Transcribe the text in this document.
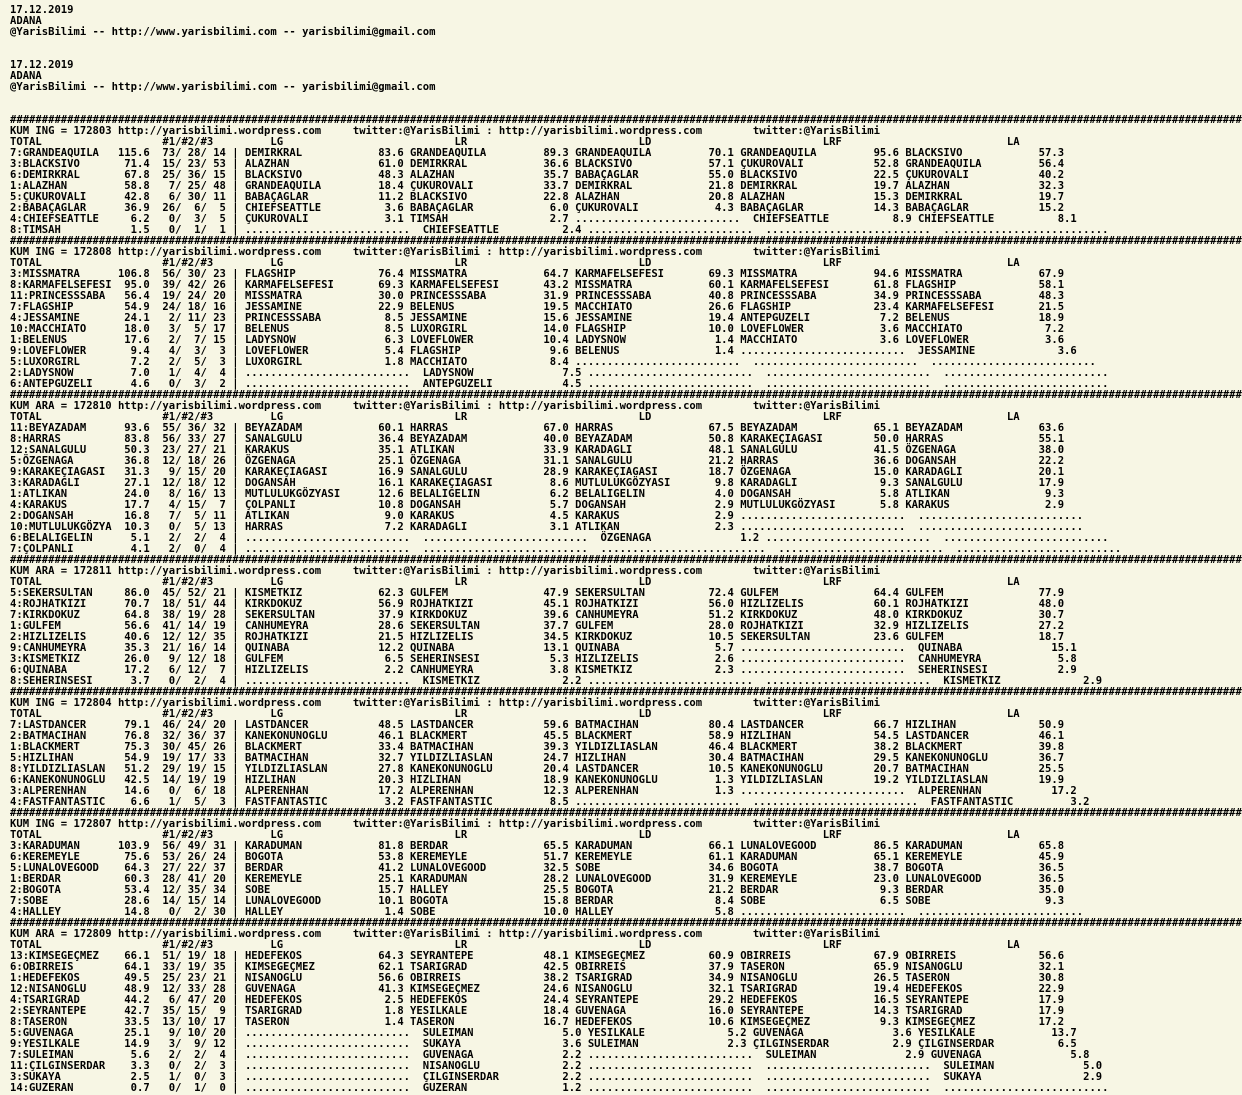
17.12.2019
ADANA
@YarisBilimi -- http://www.yarisbilimi.com -- yarisbilimi@gmail.com

17.12.2019
ADANA
@YarisBilimi -- http://www.yarisbilimi.com -- yarisbilimi@gmail.com

##################################################################################################################################################################################################
KUM ING = 172803 http://yarisbilimi.wordpress.com     twitter:@YarisBilimi : http://yarisbilimi.wordpress.com        twitter:@YarisBilimi
TOTAL                   #1/#2/#3         LG                           LR                           LD                           LRF                          LA
7:GRANDEAQUILA   115.6  73/ 28/ 14 | DEMIRKRAL            83.6 GRANDEAQUILA         89.3 GRANDEAQUILA         70.1 GRANDEAQUILA         95.6 BLACKSIVO            57.3
3:BLACKSIVO       71.4  15/ 23/ 53 | ALAZHAN              61.0 DEMIRKRAL            36.6 BLACKSIVO            57.1 ÇUKUROVALI           52.8 GRANDEAQUILA         56.4
6:DEMIRKRAL       67.8  25/ 36/ 15 | BLACKSIVO            48.3 ALAZHAN              35.7 BABAÇAGLAR           55.0 BLACKSIVO            22.5 ÇUKUROVALI           40.2
1:ALAZHAN         58.8   7/ 25/ 48 | GRANDEAQUILA         18.4 ÇUKUROVALI           33.7 DEMIRKRAL            21.8 DEMIRKRAL            19.7 ALAZHAN              32.3
5:ÇUKUROVALI      42.8   6/ 30/ 11 | BABAÇAGLAR           11.2 BLACKSIVO            22.8 ALAZHAN              20.8 ALAZHAN              15.3 DEMIRKRAL            19.7
2:BABAÇAGLAR      36.9  26/  6/  5 | CHIEFSEATTLE          3.6 BABAÇAGLAR            6.0 ÇUKUROVALI            4.3 BABAÇAGLAR           14.3 BABAÇAGLAR           15.2
4:CHIEFSEATTLE     6.2   0/  3/  5 | ÇUKUROVALI            3.1 TIMSAH                2.7 ..........................  CHIEFSEATTLE          8.9 CHIEFSEATTLE          8.1
8:TIMSAH           1.5   0/  1/  1 | ..........................  CHIEFSEATTLE          2.4 ..........................  ..........................  ..........................
##################################################################################################################################################################################################
KUM ING = 172808 http://yarisbilimi.wordpress.com     twitter:@YarisBilimi : http://yarisbilimi.wordpress.com        twitter:@YarisBilimi
TOTAL                   #1/#2/#3         LG                           LR                           LD                           LRF                          LA
3:MISSMATRA      106.8  56/ 30/ 23 | FLAGSHIP             76.4 MISSMATRA            64.7 KARMAFELSEFESI       69.3 MISSMATRA            94.6 MISSMATRA            67.9
8:KARMAFELSEFESI  95.0  39/ 42/ 26 | KARMAFELSEFESI       69.3 KARMAFELSEFESI       43.2 MISSMATRA            60.1 KARMAFELSEFESI       61.8 FLAGSHIP             58.1
11:PRINCESSSABA   56.4  19/ 24/ 20 | MISSMATRA            30.0 PRINCESSSABA         31.9 PRINCESSSABA         40.8 PRINCESSSABA         34.9 PRINCESSSABA         48.3
7:FLAGSHIP        54.9  24/ 18/ 16 | JESSAMINE            22.9 BELENUS              19.5 MACCHIATO            26.6 FLAGSHIP             23.4 KARMAFELSEFESI       21.5
4:JESSAMINE       24.1   2/ 11/ 23 | PRINCESSSABA          8.5 JESSAMINE            15.6 JESSAMINE            19.4 ANTEPGUZELI           7.2 BELENUS              18.9
10:MACCHIATO      18.0   3/  5/ 17 | BELENUS               8.5 LUXORGIRL            14.0 FLAGSHIP             10.0 LOVEFLOWER            3.6 MACCHIATO             7.2
1:BELENUS         17.6   2/  7/ 15 | LADYSNOW              6.3 LOVEFLOWER           10.4 LADYSNOW              1.4 MACCHIATO             3.6 LOVEFLOWER            3.6
9:LOVEFLOWER       9.4   4/  3/  3 | LOVEFLOWER            5.4 FLAGSHIP              9.6 BELENUS               1.4 ..........................  JESSAMINE             3.6
5:LUXORGIRL        7.2   2/  5/  3 | LUXORGIRL             1.8 MACCHIATO             8.4 ..........................  ..........................  ..........................
2:LADYSNOW         7.0   1/  4/  4 | ..........................  LADYSNOW              7.5 ..........................  ..........................  ..........................
6:ANTEPGUZELI      4.6   0/  3/  2 | ..........................  ANTEPGUZELI           4.5 ..........................  ..........................  ..........................
##################################################################################################################################################################################################
KUM ARA = 172810 http://yarisbilimi.wordpress.com     twitter:@YarisBilimi : http://yarisbilimi.wordpress.com        twitter:@YarisBilimi
TOTAL                   #1/#2/#3         LG                           LR                           LD                           LRF                          LA
11:BEYAZADAM      93.6  55/ 36/ 32 | BEYAZADAM            60.1 HARRAS               67.0 HARRAS               67.5 BEYAZADAM            65.1 BEYAZADAM            63.6
8:HARRAS          83.8  56/ 33/ 27 | SANALGULU            36.4 BEYAZADAM            40.0 BEYAZADAM            50.8 KARAKEÇIAGASI        50.0 HARRAS               55.1
12:SANALGULU      50.3  23/ 27/ 21 | KARAKUS              35.1 ATLIKAN              33.9 KARADAGLI            48.1 SANALGULU            41.5 ÖZGENAGA             38.0
5:ÖZGENAGA        36.8  12/ 18/ 26 | ÖZGENAGA             25.1 ÖZGENAGA             31.1 SANALGULU            21.2 HARRAS               36.6 DOGANSAH             22.2
9:KARAKEÇIAGASI   31.3   9/ 15/ 20 | KARAKEÇIAGASI        16.9 SANALGULU            28.9 KARAKEÇIAGASI        18.7 ÖZGENAGA             15.0 KARADAGLI            20.1
3:KARADAGLI       27.1  12/ 18/ 12 | DOGANSAH             16.1 KARAKEÇIAGASI         8.6 MUTLULUKGÖZYASI       9.8 KARADAGLI             9.3 SANALGULU            17.9
1:ATLIKAN         24.0   8/ 16/ 13 | MUTLULUKGÖZYASI      12.6 BELALIGELIN           6.2 BELALIGELIN           4.0 DOGANSAH              5.8 ATLIKAN               9.3
4:KARAKUS         17.7   4/ 15/  7 | ÇOLPANLI             10.8 DOGANSAH              5.7 DOGANSAH              2.9 MUTLULUKGÖZYASI       5.8 KARAKUS               2.9
2:DOGANSAH        16.8   7/  5/ 11 | ATLIKAN               9.0 KARAKUS               4.5 KARAKUS               2.9 ..........................  ..........................
10:MUTLULUKGÖZYA  10.3   0/  5/ 13 | HARRAS                7.2 KARADAGLI             3.1 ATLIKAN               2.3 ..........................  ..........................
6:BELALIGELIN      5.1   2/  2/  4 | ..........................  ..........................  ÖZGENAGA              1.2 ..........................  ..........................
7:ÇOLPANLI         4.1   2/  0/  4 | ..........................  ..........................  ..........................  ..........................  ..........................
##################################################################################################################################################################################################
KUM ARA = 172811 http://yarisbilimi.wordpress.com     twitter:@YarisBilimi : http://yarisbilimi.wordpress.com        twitter:@YarisBilimi
TOTAL                   #1/#2/#3         LG                           LR                           LD                           LRF                          LA
5:SEKERSULTAN     86.0  45/ 52/ 21 | KISMETKIZ            62.3 GULFEM               47.9 SEKERSULTAN          72.4 GULFEM               64.4 GULFEM               77.9
4:ROJHATKIZI      70.7  18/ 51/ 44 | KIRKDOKUZ            56.9 ROJHATKIZI           45.1 ROJHATKIZI           56.0 HIZLIZELIS           60.1 ROJHATKIZI           48.0
7:KIRKDOKUZ       64.8  38/ 19/ 28 | SEKERSULTAN          37.9 KIRKDOKUZ            39.6 CANHUMEYRA           51.2 KIRKDOKUZ            48.0 KIRKDOKUZ            30.7
1:GULFEM          56.6  41/ 14/ 19 | CANHUMEYRA           28.6 SEKERSULTAN          37.7 GULFEM               28.0 ROJHATKIZI           32.9 HIZLIZELIS           27.2
2:HIZLIZELIS      40.6  12/ 12/ 35 | ROJHATKIZI           21.5 HIZLIZELIS           34.5 KIRKDOKUZ            10.5 SEKERSULTAN          23.6 GULFEM               18.7
9:CANHUMEYRA      35.3  21/ 16/ 14 | QUINABA              12.2 QUINABA              13.1 QUINABA               5.7 ..........................  QUINABA              15.1
3:KISMETKIZ       26.0   9/ 12/ 18 | GULFEM                6.5 SEHERINSESI           5.3 HIZLIZELIS            2.6 ..........................  CANHUMEYRA            5.8
6:QUINABA         17.2   6/ 12/  7 | HIZLIZELIS            2.2 CANHUMEYRA            3.8 KISMETKIZ             2.3 ..........................  SEHERINSESI           2.9
8:SEHERINSESI      3.7   0/  2/  4 | ..........................  KISMETKIZ             2.2 ..........................  ..........................  KISMETKIZ             2.9
##################################################################################################################################################################################################
KUM ING = 172804 http://yarisbilimi.wordpress.com     twitter:@YarisBilimi : http://yarisbilimi.wordpress.com        twitter:@YarisBilimi
TOTAL                   #1/#2/#3         LG                           LR                           LD                           LRF                          LA
7:LASTDANCER      79.1  46/ 24/ 20 | LASTDANCER           48.5 LASTDANCER           59.6 BATMACIHAN           80.4 LASTDANCER           66.7 HIZLIHAN             50.9
2:BATMACIHAN      76.8  32/ 36/ 37 | KANEKONUNOGLU        46.1 BLACKMERT            45.5 BLACKMERT            58.9 HIZLIHAN             54.5 LASTDANCER           46.1
1:BLACKMERT       75.3  30/ 45/ 26 | BLACKMERT            33.4 BATMACIHAN           39.3 YILDIZLIASLAN        46.4 BLACKMERT            38.2 BLACKMERT            39.8
5:HIZLIHAN        54.9  19/ 17/ 33 | BATMACIHAN           32.7 YILDIZLIASLAN        24.7 HIZLIHAN             30.4 BATMACIHAN           29.5 KANEKONUNOGLU        36.7
8:YILDIZLIASLAN   51.2  29/ 19/ 15 | YILDIZLIASLAN        27.8 KANEKONUNOGLU        20.4 LASTDANCER           10.5 KANEKONUNOGLU        20.7 BATMACIHAN           25.5
6:KANEKONUNOGLU   42.5  14/ 19/ 19 | HIZLIHAN             20.3 HIZLIHAN             18.9 KANEKONUNOGLU         1.3 YILDIZLIASLAN        19.2 YILDIZLIASLAN        19.9
3:ALPERENHAN      14.6   0/  6/ 18 | ALPERENHAN           17.2 ALPERENHAN           12.3 ALPERENHAN            1.3 ..........................  ALPERENHAN           17.2
4:FASTFANTASTIC    6.6   1/  5/  3 | FASTFANTASTIC         3.2 FASTFANTASTIC         8.5 ..........................  ..........................  FASTFANTASTIC         3.2
##################################################################################################################################################################################################
KUM ING = 172807 http://yarisbilimi.wordpress.com     twitter:@YarisBilimi : http://yarisbilimi.wordpress.com        twitter:@YarisBilimi
TOTAL                   #1/#2/#3         LG                           LR                           LD                           LRF                          LA
3:KARADUMAN      103.9  56/ 49/ 31 | KARADUMAN            81.8 BERDAR               65.5 KARADUMAN            66.1 LUNALOVEGOOD         86.5 KARADUMAN            65.8
6:KEREMEYLE       75.6  53/ 26/ 24 | BOGOTA               53.8 KEREMEYLE            51.7 KEREMEYLE            61.1 KARADUMAN            65.1 KEREMEYLE            45.9
5:LUNALOVEGOOD    64.3  27/ 22/ 37 | BERDAR               41.2 LUNALOVEGOOD         32.5 SOBE                 34.6 BOGOTA               38.7 BOGOTA               36.5
1:BERDAR          60.3  28/ 41/ 20 | KEREMEYLE            25.1 KARADUMAN            28.2 LUNALOVEGOOD         31.9 KEREMEYLE            23.0 LUNALOVEGOOD         36.5
2:BOGOTA          53.4  12/ 35/ 34 | SOBE                 15.7 HALLEY               25.5 BOGOTA               21.2 BERDAR                9.3 BERDAR               35.0
7:SOBE            28.6  14/ 15/ 14 | LUNALOVEGOOD         10.1 BOGOTA               15.8 BERDAR                8.4 SOBE                  6.5 SOBE                  9.3
4:HALLEY          14.8   0/  2/ 30 | HALLEY                1.4 SOBE                 10.0 HALLEY                5.8 ..........................  ..........................
##################################################################################################################################################################################################
KUM ARA = 172809 http://yarisbilimi.wordpress.com     twitter:@YarisBilimi : http://yarisbilimi.wordpress.com        twitter:@YarisBilimi
TOTAL                   #1/#2/#3         LG                           LR                           LD                           LRF                          LA
13:KIMSEGEÇMEZ    66.1  51/ 19/ 18 | HEDEFEKOS            64.3 SEYRANTEPE           48.1 KIMSEGEÇMEZ          60.9 OBIRREIS             67.9 OBIRREIS             56.6
6:OBIRREIS        64.1  33/ 19/ 35 | KIMSEGEÇMEZ          62.1 TSARIGRAD            42.5 OBIRREIS             37.9 TASERON              65.9 NISANOGLU            32.1
1:HEDEFEKOS       49.5  25/ 23/ 21 | NISANOGLU            56.6 OBIRREIS             38.2 TSARIGRAD            34.9 NISANOGLU            26.5 TASERON              30.8
12:NISANOGLU      48.9  12/ 33/ 28 | GUVENAGA             41.3 KIMSEGEÇMEZ          24.6 NISANOGLU            32.1 TSARIGRAD            19.4 HEDEFEKOS            22.9
4:TSARIGRAD       44.2   6/ 47/ 20 | HEDEFEKOS             2.5 HEDEFEKOS            24.4 SEYRANTEPE           29.2 HEDEFEKOS            16.5 SEYRANTEPE           17.9
2:SEYRANTEPE      42.7  35/ 15/  9 | TSARIGRAD             1.8 YESILKALE            18.4 GUVENAGA             16.0 SEYRANTEPE           14.3 TSARIGRAD            17.9
8:TASERON         33.5  13/ 10/ 17 | TASERON               1.4 TASERON              16.7 HEDEFEKOS            10.6 KIMSEGEÇMEZ           9.3 KIMSEGEÇMEZ          17.2
5:GUVENAGA        25.1   9/ 10/ 20 | ..........................  SULEIMAN              5.0 YESILKALE             5.2 GUVENAGA              3.6 YESILKALE            13.7
9:YESILKALE       14.9   3/  9/ 12 | ..........................  SUKAYA                3.6 SULEIMAN              2.3 ÇILGINSERDAR          2.9 ÇILGINSERDAR          6.5
7:SULEIMAN         5.6   2/  2/  4 | ..........................  GUVENAGA              2.2 ..........................  SULEIMAN              2.9 GUVENAGA              5.8
11:ÇILGINSERDAR    3.3   0/  2/  3 | ..........................  NISANOGLU             2.2 ..........................  ..........................  SULEIMAN              5.0
3:SUKAYA           2.5   1/  0/  3 | ..........................  ÇILGINSERDAR          2.2 ..........................  ..........................  SUKAYA                2.9
14:GUZERAN         0.7   0/  1/  0 | ..........................  GUZERAN               1.2 ..........................  ..........................  ..........................
